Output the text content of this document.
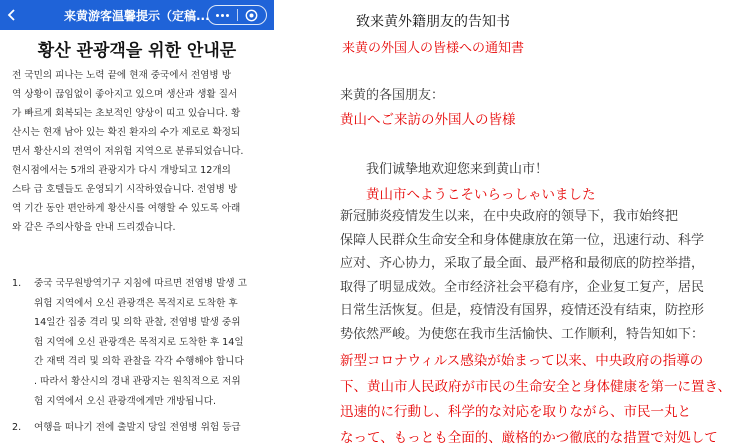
来黄游客温馨提示（定稿...
황산 관광객을 위한 안내문

전 국민의 피나는 노력 끝에 현재 중국에서 전염병 방
역 상황이 끊임없이 좋아지고 있으며 생산과 생활 질서
가 빠르게 회복되는 초보적인 양상이 띠고 있습니다. 황
산시는 현재 남아 있는 확진 환자의 수가 제로로 확정되
면서 황산시의 전역이 저위험 지역으로 분류되었습니다.
현시점에서는 5개의 관광지가 다시 개방되고 12개의
스타 급 호텔들도 운영되기 시작하였습니다. 전염병 방
역 기간 동안 편안하게 황산시를 여행할 수 있도록 아래
와 같은 주의사항을 안내 드리겠습니다.

1. 중국 국무원방역기구 지침에 따르면 전염병 발생 고
위험 지역에서 오신 관광객은 목적지로 도착한 후
14일간 집중 격리 및 의학 관찰, 전염병 발생 중위
험 지역에 오신 관광객은 목적지로 도착한 후 14일
간 재택 격리 및 의학 관찰을 각각 수행해야 합니다
. 따라서 황산시의 경내 관광지는 원칙적으로 저위
험 지역에서 오신 관광객에게만 개방됩니다.
2. 여행을 떠나기 전에 출발지 당일 전염병 위험 등급
致来黄外籍朋友的告知书
来黄の外国人の皆様への通知書
来黄的各国朋友：
黄山へご来訪の外国人の皆様
我们诚挚地欢迎您来到黄山市！
黄山市へようこそいらっしゃいました

新冠肺炎疫情发生以来，在中央政府的领导下，我市始终把
保障人民群众生命安全和身体健康放在第一位，迅速行动、科学
应对、齐心协力，采取了最全面、最严格和最彻底的防控举措，
取得了明显成效。全市经济社会平稳有序，企业复工复产，居民
日常生活恢复。但是，疫情没有国界，疫情还没有结束，防控形
势依然严峻。为使您在我市生活愉快、工作顺利，特告知如下：

新型コロナウィルス感染が始まって以来、中央政府の指導の
下、黄山市人民政府が市民の生命安全と身体健康を第一に置き、
迅速的に行動し、科学的な対応を取りながら、市民一丸と
なって、もっとも全面的、厳格的かつ徹底的な措置で対処して
